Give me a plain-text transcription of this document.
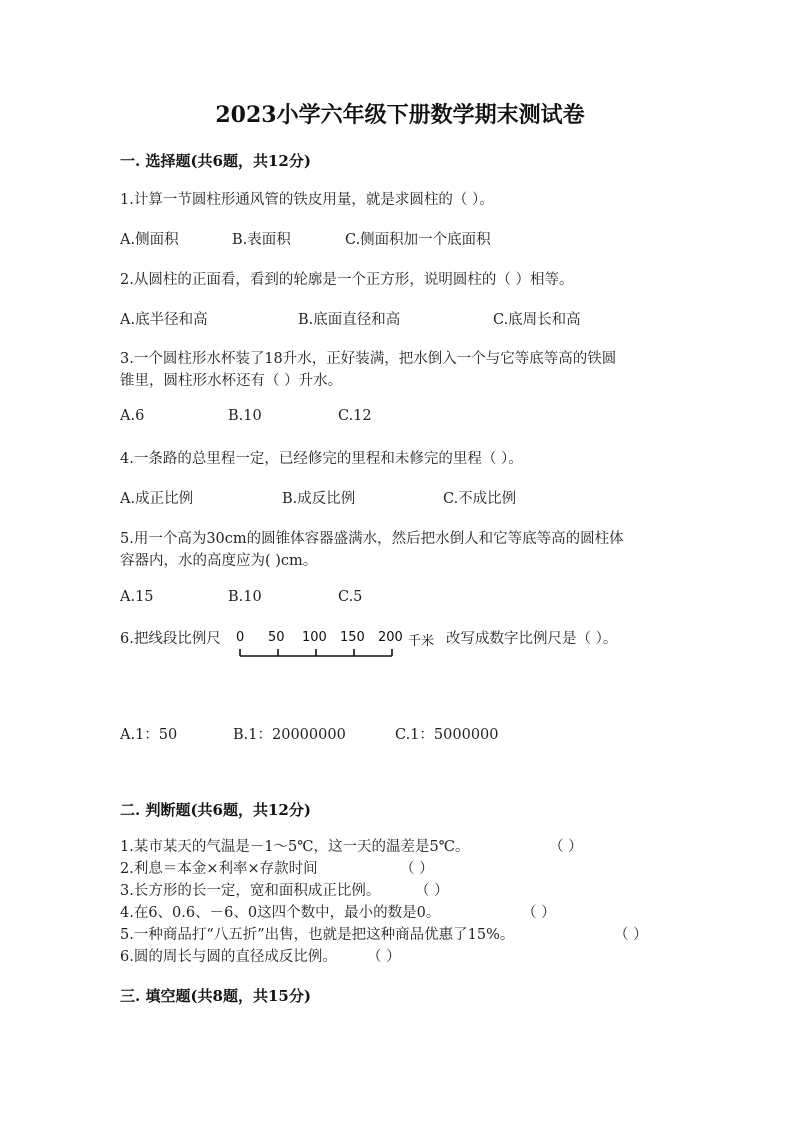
2023小学六年级下册数学期末测试卷
一. 选择题(共6题，共12分)
1.计算一节圆柱形通风管的铁皮用量，就是求圆柱的（ ）。
A.侧面积	B.表面积	C.侧面积加一个底面积
2.从圆柱的正面看，看到的轮廓是一个正方形，说明圆柱的（ ）相等。
A.底半径和高	B.底面直径和高	C.底周长和高
3.一个圆柱形水杯装了18升水，正好装满，把水倒入一个与它等底等高的铁圆
锥里，圆柱形水杯还有（ ）升水。
A.6	B.10	C.12
4.一条路的总里程一定，已经修完的里程和未修完的里程（ ）。
A.成正比例	B.成反比例	C.不成比例
5.用一个高为30cm的圆锥体容器盛满水，然后把水倒人和它等底等高的圆柱体
容器内，水的高度应为( )cm。
A.15	B.10	C.5
6.把线段比例尺 0 50 100 150 200 千米 改写成数字比例尺是（ ）。
A.1：50	B.1：20000000	C.1：5000000
二. 判断题(共6题，共12分)
1.某市某天的气温是－1～5℃，这一天的温差是5℃。	（ ）
2.利息＝本金×利率×存款时间	（ ）
3.长方形的长一定，宽和面积成正比例。 （ ）
4.在6、0.6、－6、0这四个数中，最小的数是0。	（ ）
5.一种商品打“八五折”出售，也就是把这种商品优惠了15%。	（ ）
6.圆的周长与圆的直径成反比例。 （ ）
三. 填空题(共8题，共15分)
